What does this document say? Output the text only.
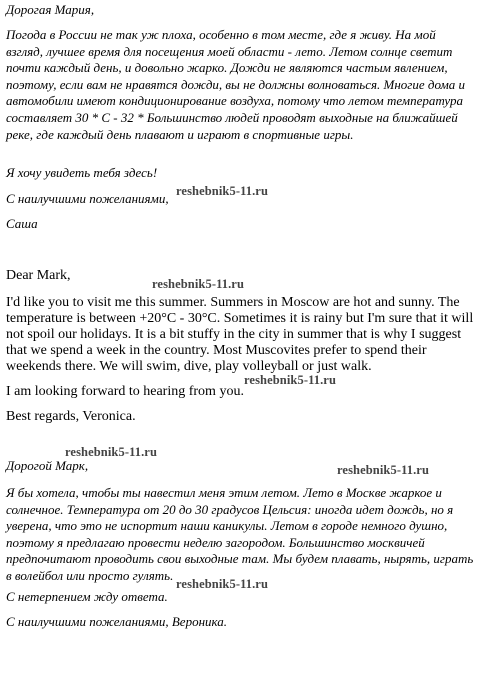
Дорогая Мария,

Погода в России не так уж плоха, особенно в том месте, где я живу. На мой взгляд, лучшее время для посещения моей области - лето. Летом солнце светит почти каждый день, и довольно жарко. Дожди не являются частым явлением, поэтому, если вам не нравятся дожди, вы не должны волноваться. Многие дома и автомобили имеют кондиционирование воздуха, потому что летом температура составляет 30 * С - 32 * Большинство людей проводят выходные на ближайшей реке, где каждый день плавают и играют в спортивные игры.

Я хочу увидеть тебя здесь!

С наилучшими пожеланиями,

Саша

Dear Mark,

I'd like you to visit me this summer. Summers in Moscow are hot and sunny. The temperature is between +20°C - 30°C. Sometimes it is rainy but I'm sure that it will not spoil our holidays. It is a bit stuffy in the city in summer that is why I suggest that we spend a week in the country. Most Muscovites prefer to spend their weekends there. We will swim, dive, play volleyball or just walk.

I am looking forward to hearing from you.

Best regards, Veronica.

Дорогой Марк,

Я бы хотела, чтобы ты навестил меня этим летом. Лето в Москве жаркое и солнечное. Температура от 20 до 30 градусов Цельсия: иногда идет дождь, но я уверена, что это не испортит наши каникулы. Летом в городе немного душно, поэтому я предлагаю провести неделю загородом. Большинство москвичей предпочитают проводить свои выходные там. Мы будем плавать, нырять, играть в волейбол или просто гулять.

С нетерпением жду ответа.

С наилучшими пожеланиями, Вероника.

reshebnik5-11.ru
reshebnik5-11.ru
reshebnik5-11.ru
reshebnik5-11.ru
reshebnik5-11.ru
reshebnik5-11.ru
